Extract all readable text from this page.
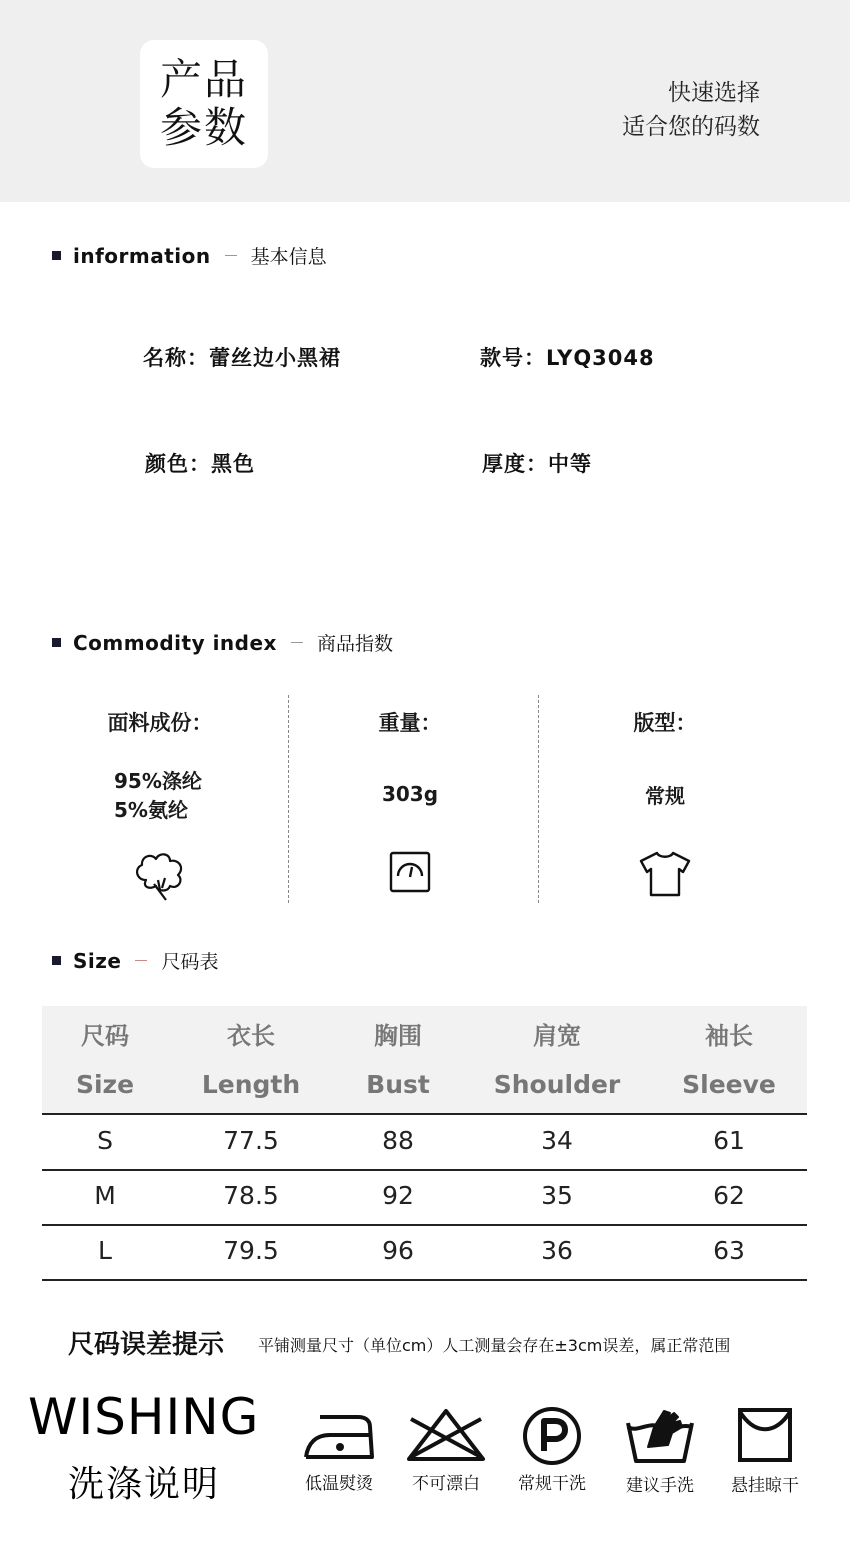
产品
参数
快速选择
适合您的码数
information 基本信息
名称：蕾丝边小黑裙	款号：LYQ3048
颜色：黑色	厚度：中等
Commodity index 商品指数
面料成份：
95%涤纶
5%氨纶
重量：
303g
版型：
常规
Size 尺码表
尺码	衣长	胸围	肩宽	袖长
Size	Length	Bust	Shoulder	Sleeve
S	77.5	88	34	61
M	78.5	92	35	62
L	79.5	96	36	63
尺码误差提示 平铺测量尺寸（单位cm）人工测量会存在±3cm误差，属正常范围
WISHING
洗涤说明	低温熨烫	不可漂白	常规干洗	建议手洗	悬挂晾干
